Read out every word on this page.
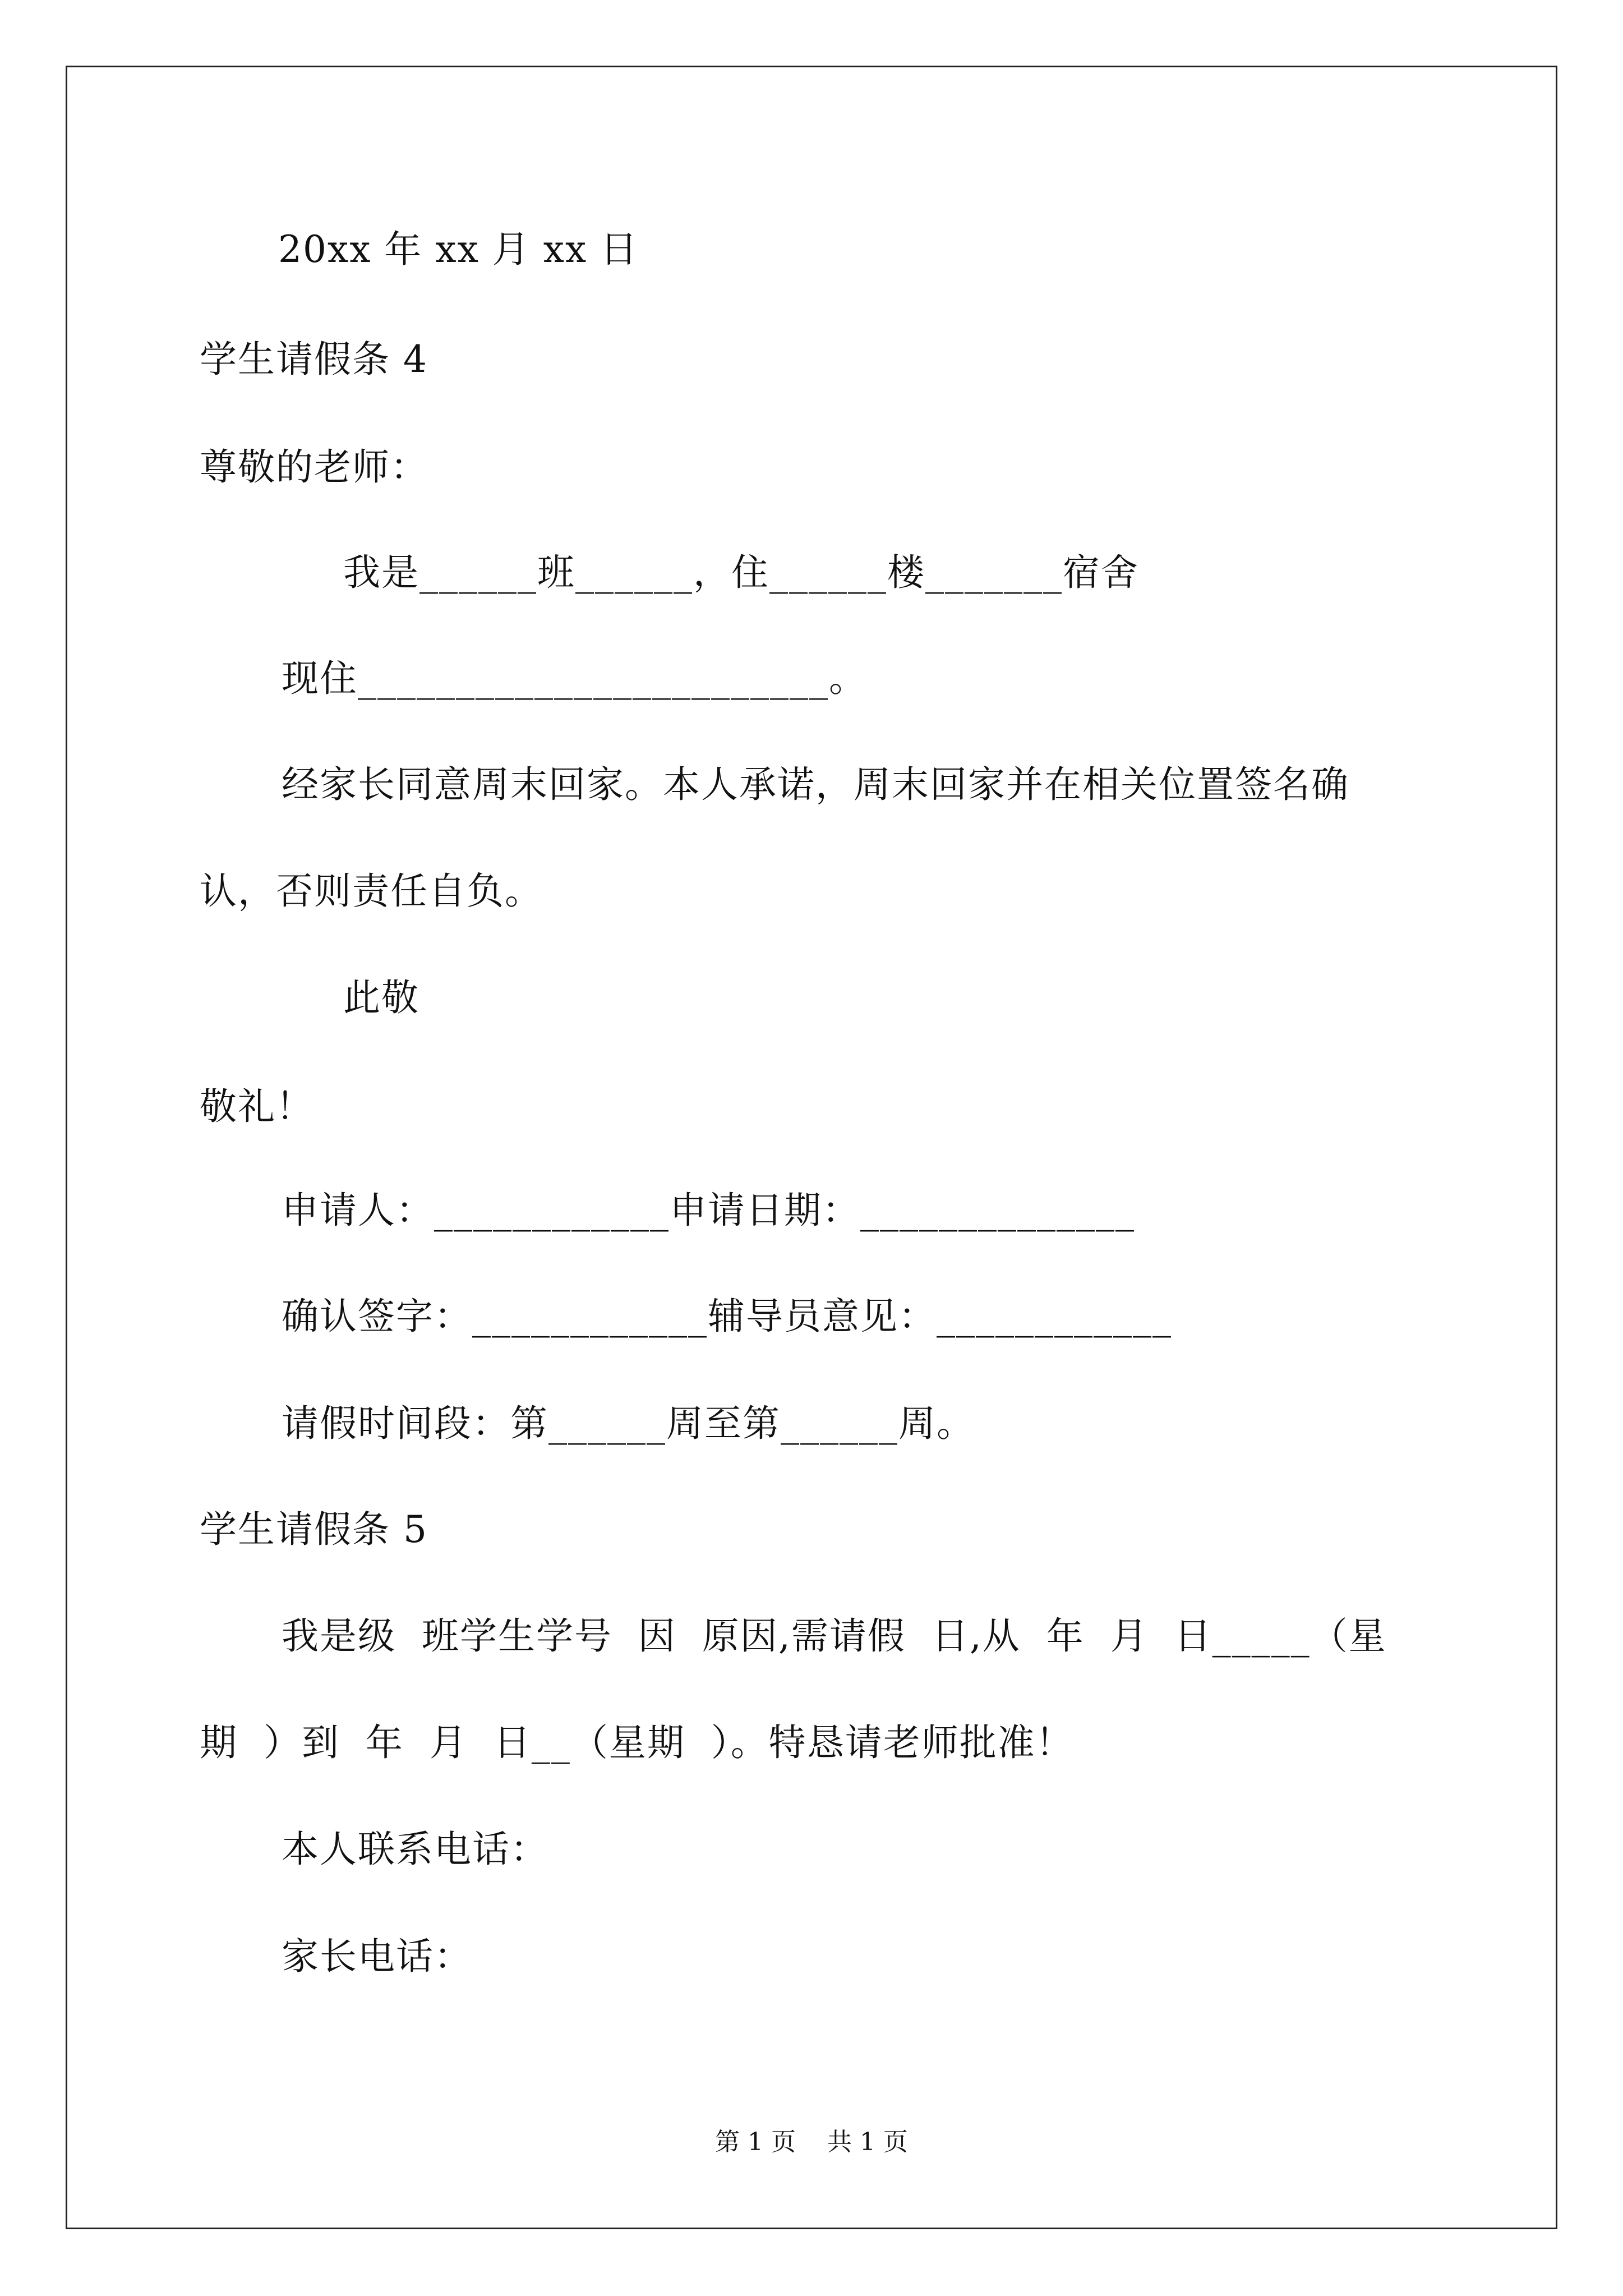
20xx 年 xx 月 xx 日
学生请假条 4
尊敬的老师：
我是______班______，住______楼_______宿舍
现住________________________。
经家长同意周末回家。本人承诺，周末回家并在相关位置签名确
认，否则责任自负。
此敬
敬礼！
申请人：____________申请日期：______________
确认签字：____________辅导员意见：____________
请假时间段：第______周至第______周。
学生请假条 5
我是级  班学生学号  因  原因,需请假  日,从  年  月  日_____（星
期  ）到  年  月  日__（星期  ）。特恳请老师批准！
本人联系电话：
家长电话：
第 1 页    共 1 页
